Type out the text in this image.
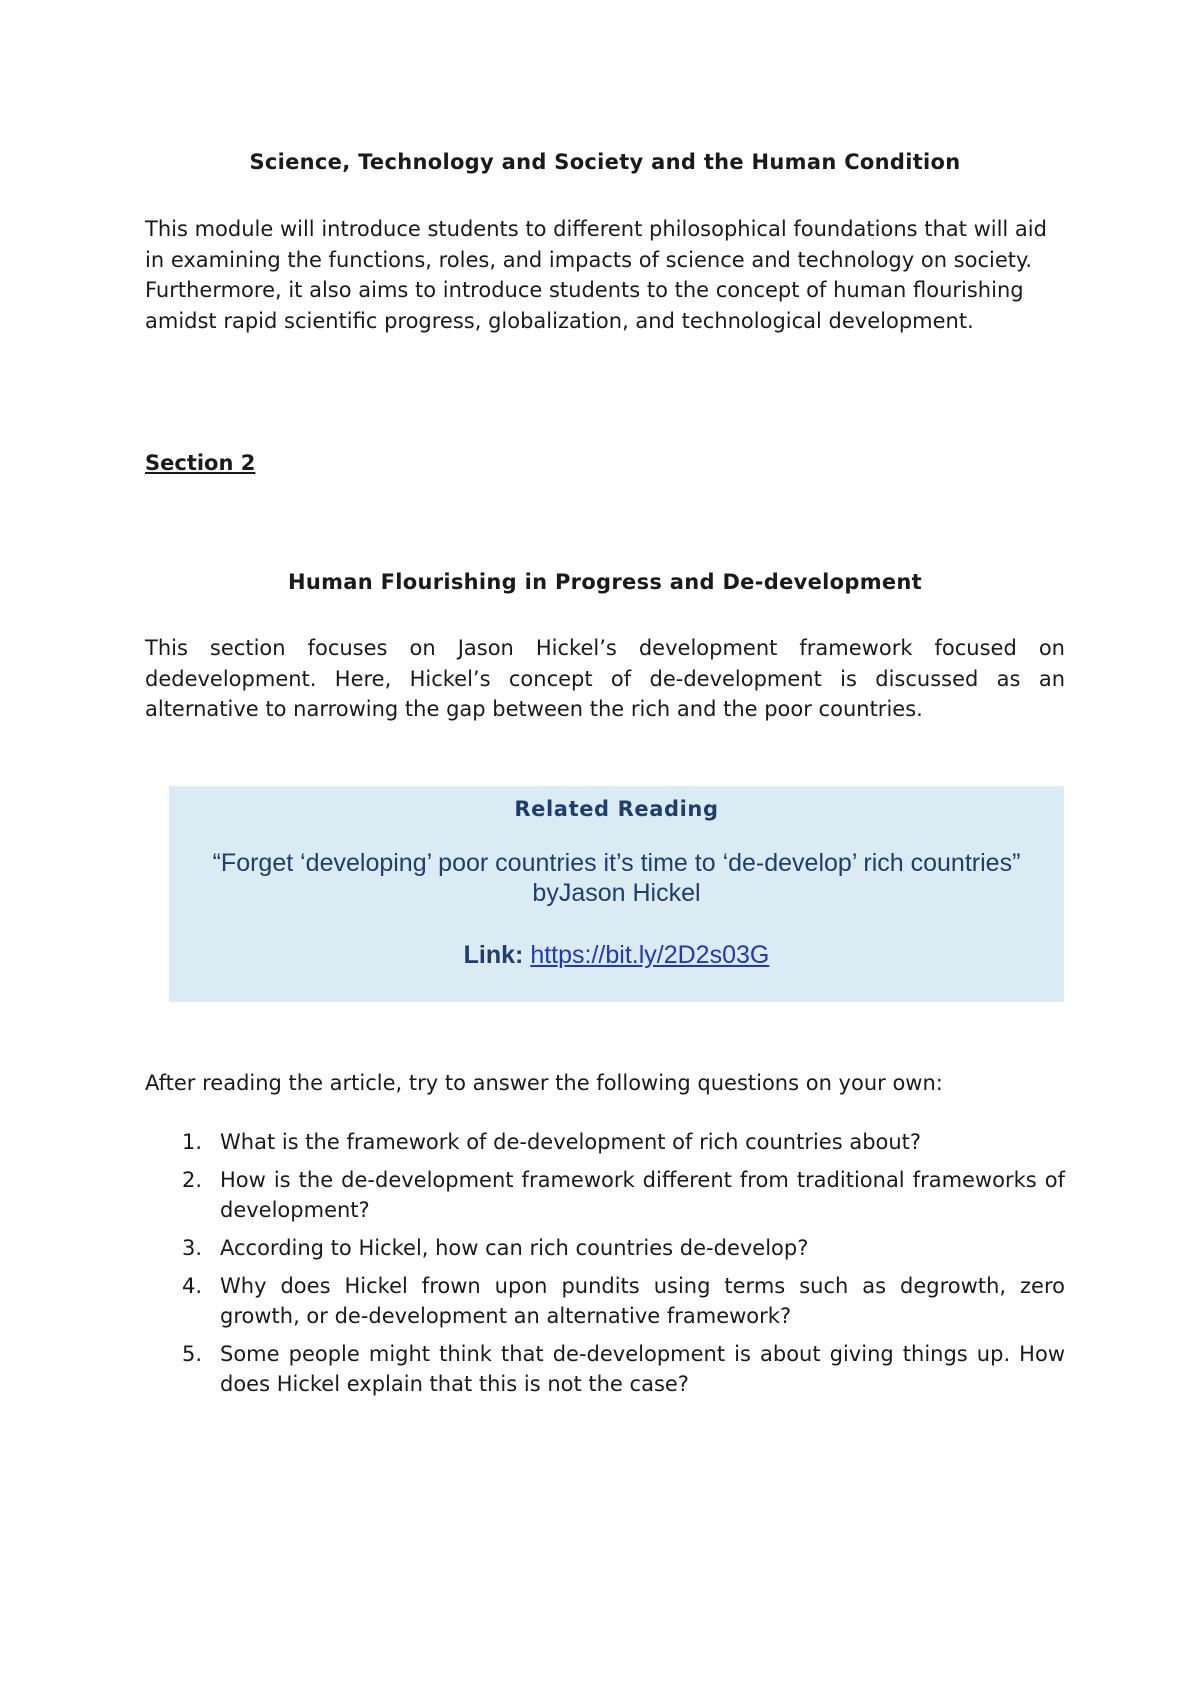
Science, Technology and Society and the Human Condition

This module will introduce students to different philosophical foundations that will aid in examining the functions, roles, and impacts of science and technology on society. Furthermore, it also aims to introduce students to the concept of human flourishing amidst rapid scientific progress, globalization, and technological development.

Section 2
Human Flourishing in Progress and De-development

This section focuses on Jason Hickel’s development framework focused on dedevelopment. Here, Hickel’s concept of de-development is discussed as an alternative to narrowing the gap between the rich and the poor countries.

Related Reading
“Forget ‘developing’ poor countries it’s time to ‘de-develop’ rich countries” byJason Hickel
Link: https://bit.ly/2D2s03G

After reading the article, try to answer the following questions on your own:

1. What is the framework of de-development of rich countries about?
2. How is the de-development framework different from traditional frameworks of development?
3. According to Hickel, how can rich countries de-develop?
4. Why does Hickel frown upon pundits using terms such as degrowth, zero growth, or de-development an alternative framework?
5. Some people might think that de-development is about giving things up. How does Hickel explain that this is not the case?
